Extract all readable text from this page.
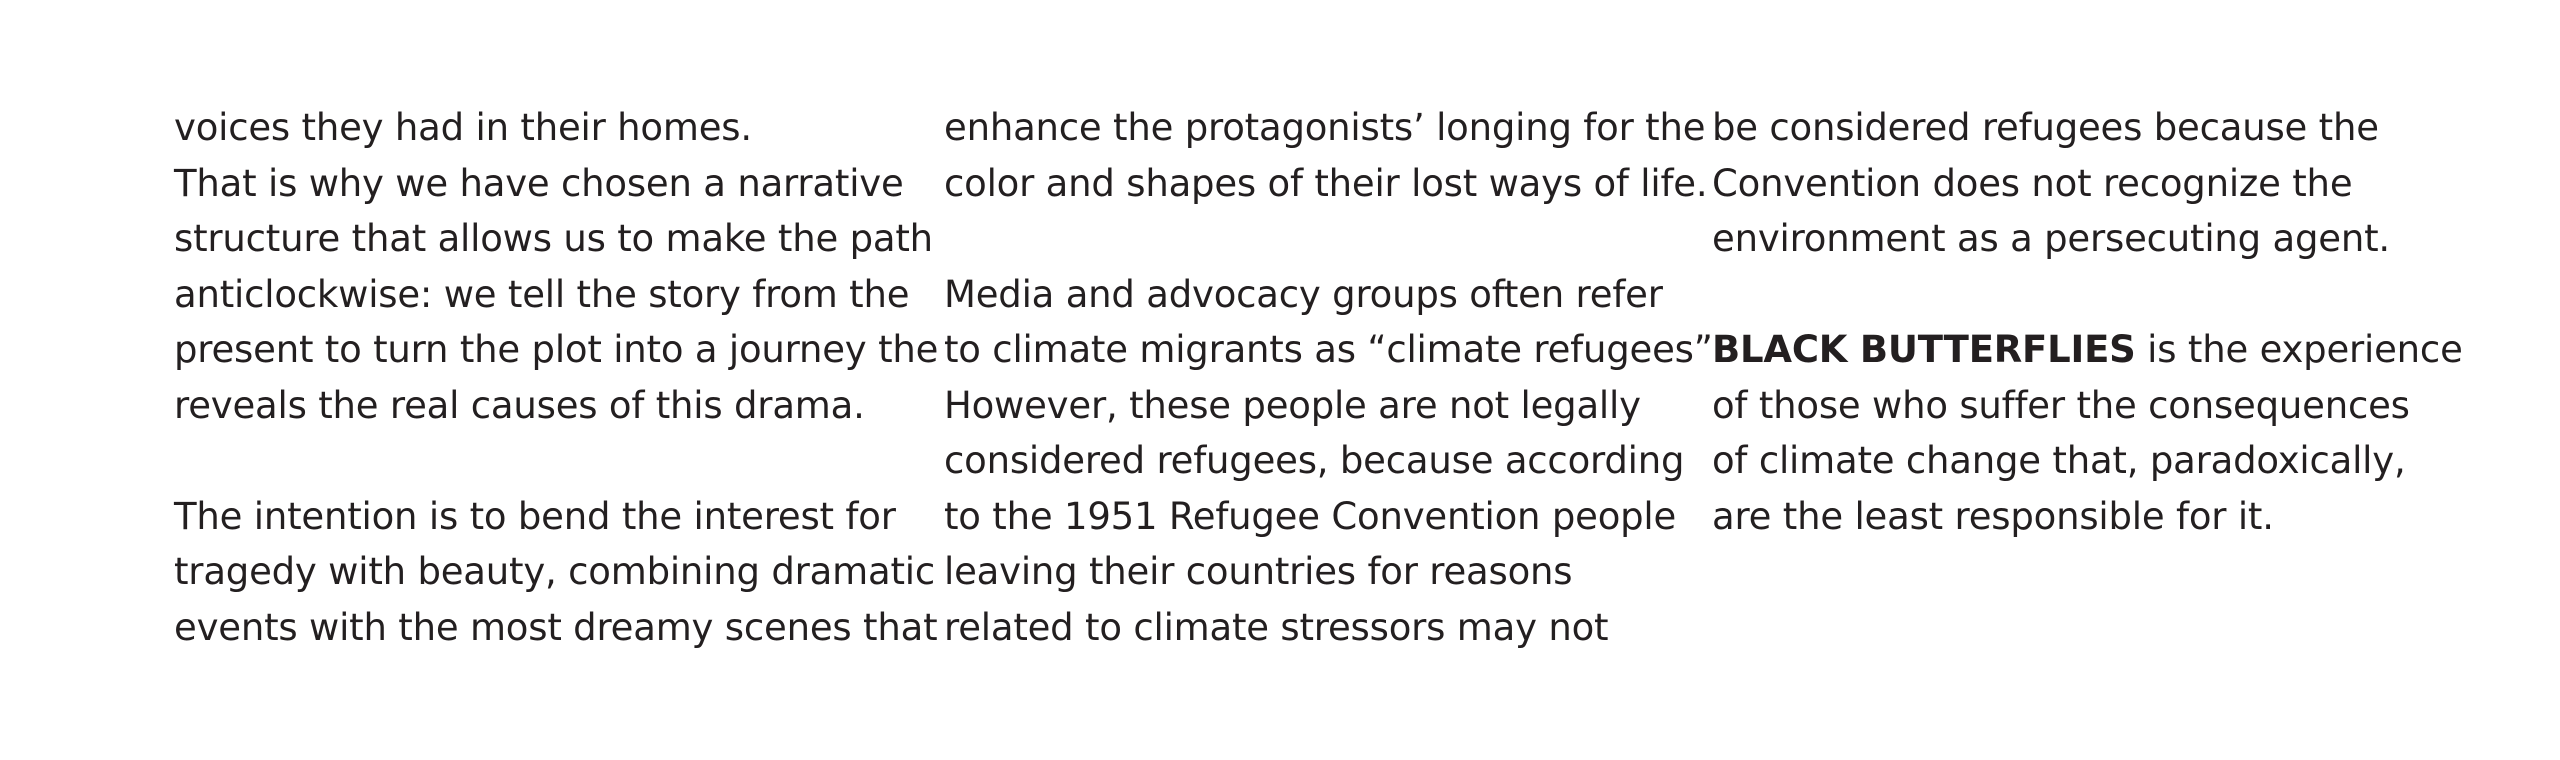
voices they had in their homes.
That is why we have chosen a narrative
structure that allows us to make the path
anticlockwise: we tell the story from the
present to turn the plot into a journey the
reveals the real causes of this drama.
The intention is to bend the interest for
tragedy with beauty, combining dramatic
events with the most dreamy scenes that
enhance the protagonists’ longing for the
color and shapes of their lost ways of life.
Media and advocacy groups often refer
to climate migrants as “climate refugees”.
However, these people are not legally
considered refugees, because according
to the 1951 Refugee Convention people
leaving their countries for reasons
related to climate stressors may not
be considered refugees because the
Convention does not recognize the
environment as a persecuting agent.
BLACK BUTTERFLIES is the experience
of those who suffer the consequences
of climate change that, paradoxically,
are the least responsible for it.
